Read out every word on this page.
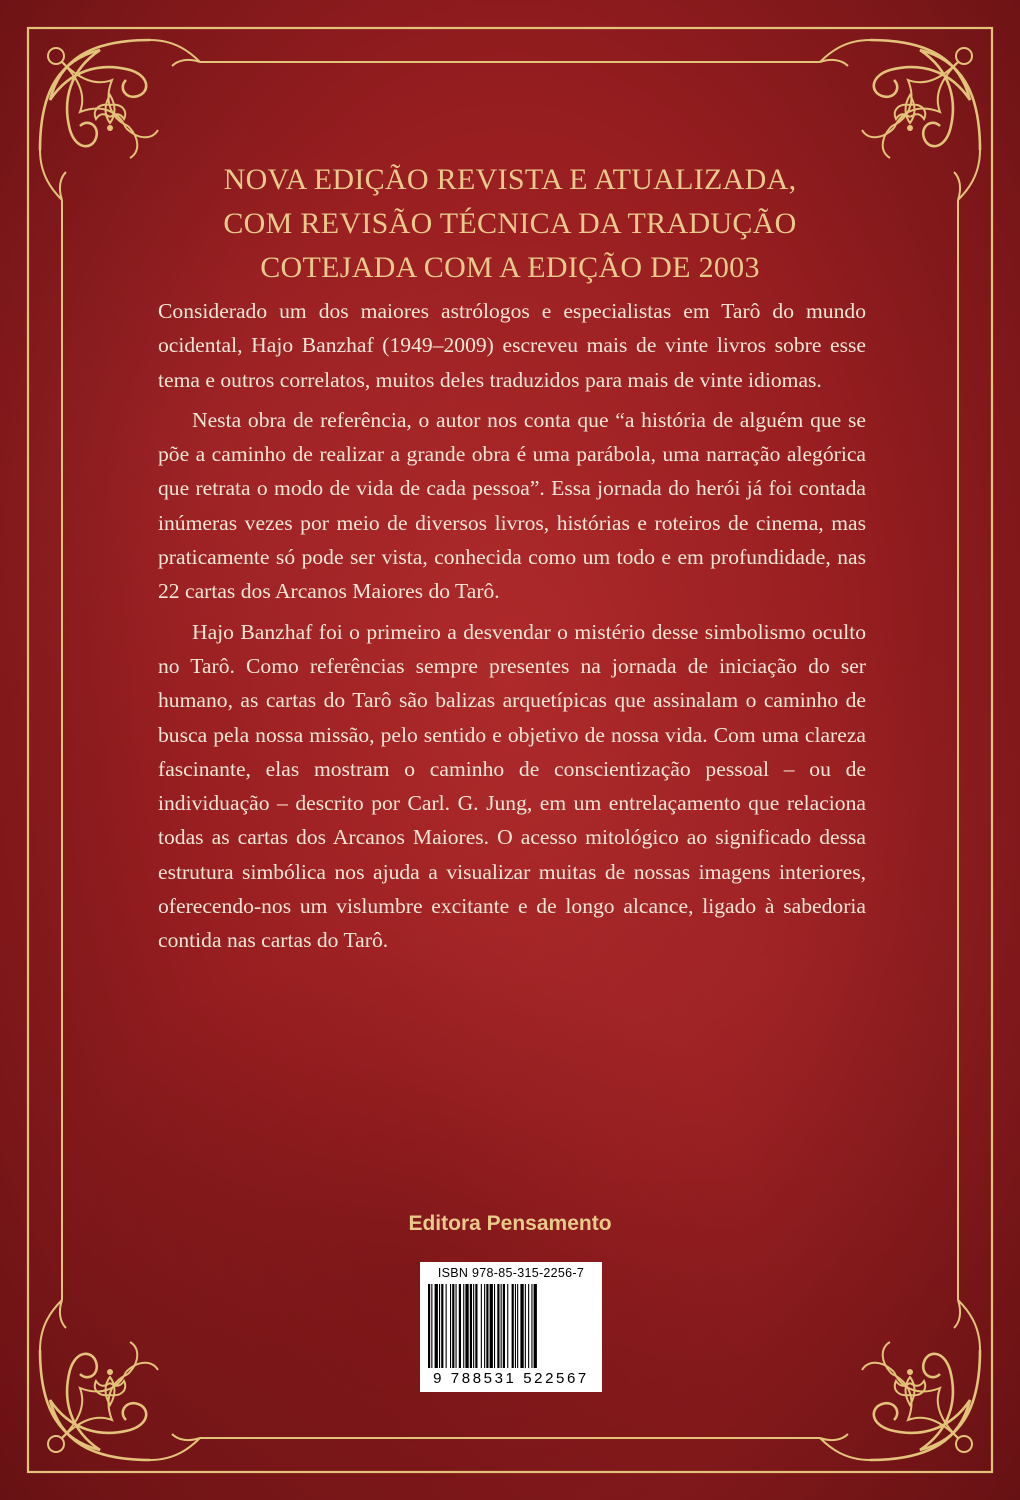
NOVA EDIÇÃO REVISTA E ATUALIZADA,
COM REVISÃO TÉCNICA DA TRADUÇÃO
COTEJADA COM A EDIÇÃO DE 2003

Considerado um dos maiores astrólogos e especialistas em Tarô do mundo ocidental, Hajo Banzhaf (1949–2009) escreveu mais de vinte livros sobre esse tema e outros correlatos, muitos deles traduzidos para mais de vinte idiomas.

Nesta obra de referência, o autor nos conta que “a história de alguém que se põe a caminho de realizar a grande obra é uma parábola, uma narração alegórica que retrata o modo de vida de cada pessoa”. Essa jornada do herói já foi contada inúmeras vezes por meio de diversos livros, histórias e roteiros de cinema, mas praticamente só pode ser vista, conhecida como um todo e em profundidade, nas 22 cartas dos Arcanos Maiores do Tarô.

Hajo Banzhaf foi o primeiro a desvendar o mistério desse simbolismo oculto no Tarô. Como referências sempre presentes na jornada de iniciação do ser humano, as cartas do Tarô são balizas arquetípicas que assinalam o caminho de busca pela nossa missão, pelo sentido e objetivo de nossa vida. Com uma clareza fascinante, elas mostram o caminho de conscientização pessoal – ou de individuação – descrito por Carl. G. Jung, em um entrelaçamento que relaciona todas as cartas dos Arcanos Maiores. O acesso mitológico ao significado dessa estrutura simbólica nos ajuda a visualizar muitas de nossas imagens interiores, oferecendo-nos um vislumbre excitante e de longo alcance, ligado à sabedoria contida nas cartas do Tarô.

Editora Pensamento
ISBN 978-85-315-2256-7
9 788531 522567
